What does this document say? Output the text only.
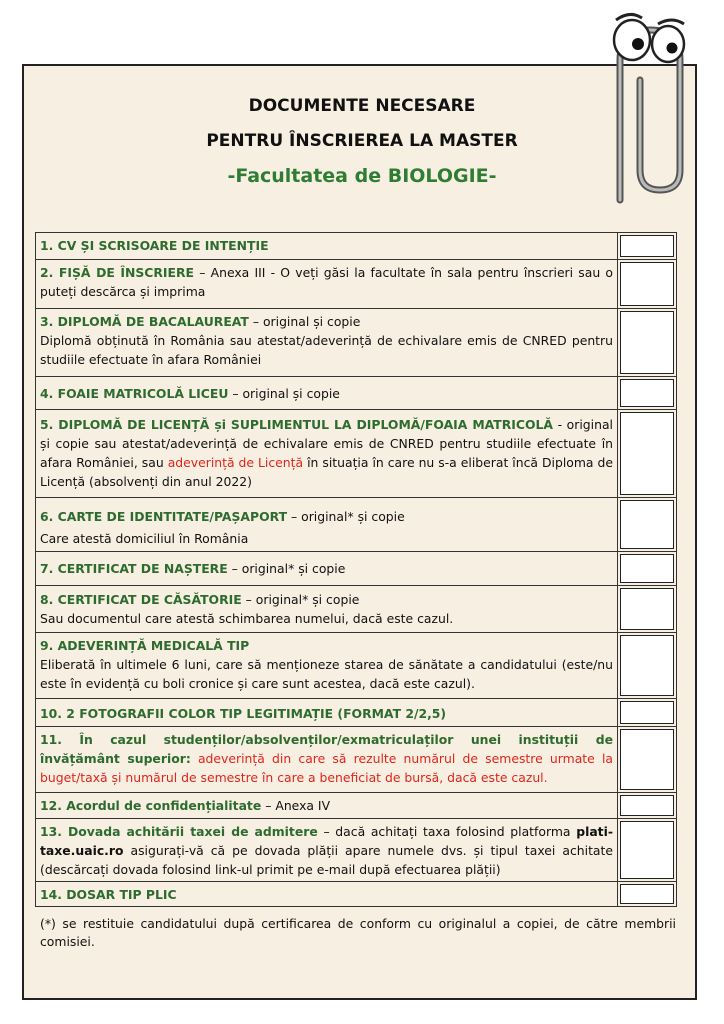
DOCUMENTE NECESARE
PENTRU ÎNSCRIEREA LA MASTER
-Facultatea de BIOLOGIE-
1. CV ȘI SCRISOARE DE INTENȚIE
2. FIȘĂ DE ÎNSCRIERE – Anexa III - O veți găsi la facultate în sala pentru înscrieri sau o puteți descărca și imprima
3. DIPLOMĂ DE BACALAUREAT – original și copie
Diplomă obținută în România sau atestat/adeverință de echivalare emis de CNRED pentru studiile efectuate în afara României
4. FOAIE MATRICOLĂ LICEU – original și copie
5. DIPLOMĂ DE LICENȚĂ și SUPLIMENTUL LA DIPLOMĂ/FOAIA MATRICOLĂ - original și copie sau atestat/adeverință de echivalare emis de CNRED pentru studiile efectuate în afara României, sau adeverință de Licență în situația în care nu s-a eliberat încă Diploma de Licență (absolvenți din anul 2022)
6. CARTE DE IDENTITATE/PAȘAPORT – original* și copie
Care atestă domiciliul în România
7. CERTIFICAT DE NAȘTERE – original* și copie
8. CERTIFICAT DE CĂSĂTORIE – original* și copie
Sau documentul care atestă schimbarea numelui, dacă este cazul.
9. ADEVERINȚĂ MEDICALĂ TIP
Eliberată în ultimele 6 luni, care să menționeze starea de sănătate a candidatului (este/nu este în evidență cu boli cronice și care sunt acestea, dacă este cazul).
10. 2 FOTOGRAFII COLOR TIP LEGITIMAȚIE (FORMAT 2/2,5)
11. În cazul studenților/absolvenților/exmatriculaților unei instituții de învățământ superior: adeverință din care să rezulte numărul de semestre urmate la buget/taxă și numărul de semestre în care a beneficiat de bursă, dacă este cazul.
12. Acordul de confidențialitate – Anexa IV
13. Dovada achitării taxei de admitere – dacă achitați taxa folosind platforma plati-taxe.uaic.ro asigurați-vă că pe dovada plății apare numele dvs. și tipul taxei achitate (descărcați dovada folosind link-ul primit pe e-mail după efectuarea plății)
14. DOSAR TIP PLIC
(*) se restituie candidatului după certificarea de conform cu originalul a copiei, de către membrii comisiei.
